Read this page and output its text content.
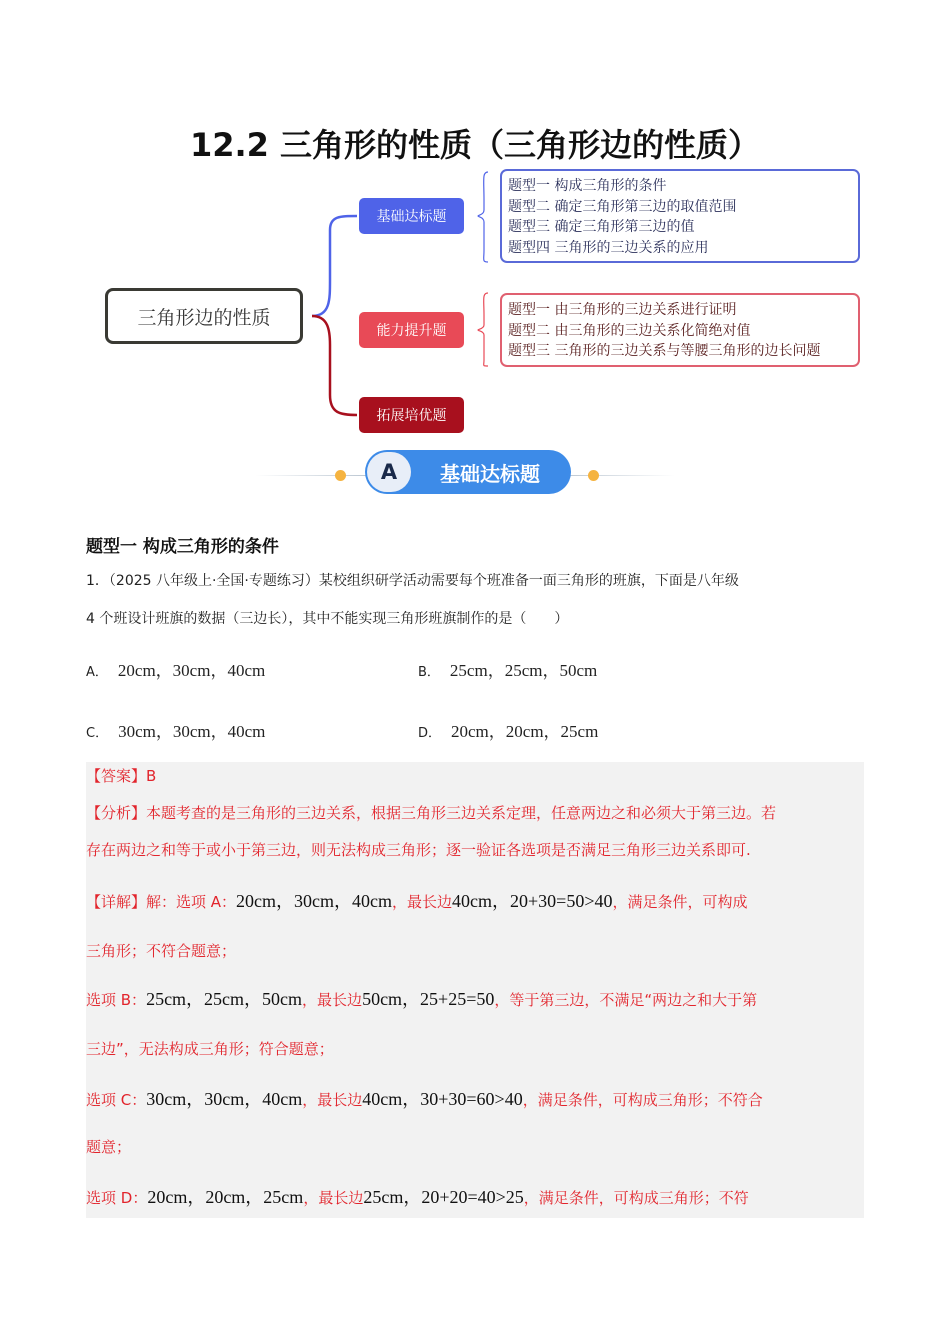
12.2 三角形的性质（三角形边的性质）
三角形边的性质
基础达标题
能力提升题
拓展培优题
题型一 构成三角形的条件
题型二 确定三角形第三边的取值范围
题型三 确定三角形第三边的值
题型四 三角形的三边关系的应用
题型一 由三角形的三边关系进行证明
题型二 由三角形的三边关系化简绝对值
题型三 三角形的三边关系与等腰三角形的边长问题
A	基础达标题
题型一 构成三角形的条件
1．（2025 八年级上·全国·专题练习）某校组织研学活动需要每个班准备一面三角形的班旗，下面是八年级
4 个班设计班旗的数据（三边长），其中不能实现三角形班旗制作的是（　　）
A． 20cm，30cm，40cm	B． 25cm，25cm，50cm
C． 30cm，30cm，40cm	D． 20cm，20cm，25cm
【答案】B
【分析】本题考查的是三角形的三边关系，根据三角形三边关系定理，任意两边之和必须大于第三边。若
存在两边之和等于或小于第三边，则无法构成三角形；逐一验证各选项是否满足三角形三边关系即可.
【详解】解：选项 A：20cm，30cm，40cm，最长边40cm，20+30=50>40，满足条件，可构成
三角形；不符合题意；
选项 B：25cm，25cm，50cm，最长边50cm，25+25=50，等于第三边，不满足“两边之和大于第
三边”，无法构成三角形；符合题意；
选项 C：30cm，30cm，40cm，最长边40cm，30+30=60>40，满足条件，可构成三角形；不符合
题意；
选项 D：20cm，20cm，25cm，最长边25cm，20+20=40>25，满足条件，可构成三角形；不符
